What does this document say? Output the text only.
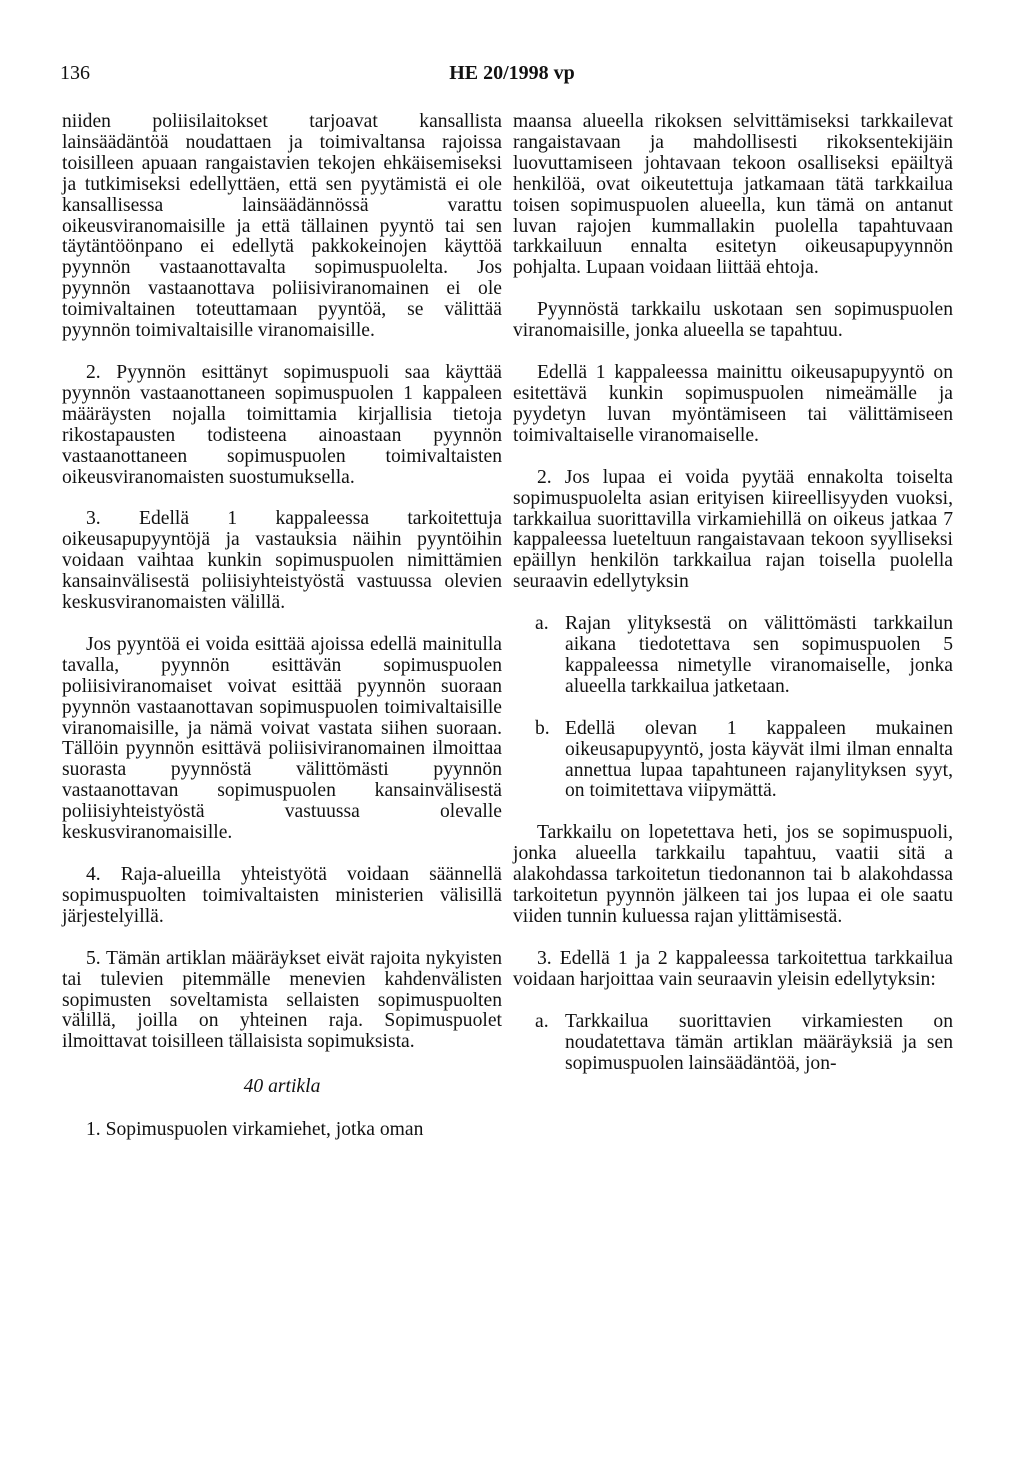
136	HE 20/1998 vp

niiden poliisilaitokset tarjoavat kansallista lainsäädäntöä noudattaen ja toimivaltansa rajoissa toisilleen apuaan rangaistavien tekojen ehkäisemiseksi ja tutkimiseksi edellyttäen, että sen pyytämistä ei ole kansallisessa lainsäädännössä varattu oikeusviranomaisille ja että tällainen pyyntö tai sen täytäntöönpano ei edellytä pakkokeinojen käyttöä pyynnön vastaanottavalta sopimuspuolelta. Jos pyynnön vastaanottava poliisiviranomainen ei ole toimivaltainen toteuttamaan pyyntöä, se välittää pyynnön toimivaltaisille viranomaisille.

2. Pyynnön esittänyt sopimuspuoli saa käyttää pyynnön vastaanottaneen sopimuspuolen 1 kappaleen määräysten nojalla toimittamia kirjallisia tietoja rikostapausten todisteena ainoastaan pyynnön vastaanottaneen sopimuspuolen toimivaltaisten oikeusviranomaisten suostumuksella.

3. Edellä 1 kappaleessa tarkoitettuja oikeusapupyyntöjä ja vastauksia näihin pyyntöihin voidaan vaihtaa kunkin sopimuspuolen nimittämien kansainvälisestä poliisiyhteistyöstä vastuussa olevien keskusviranomaisten välillä.

Jos pyyntöä ei voida esittää ajoissa edellä mainitulla tavalla, pyynnön esittävän sopimuspuolen poliisiviranomaiset voivat esittää pyynnön suoraan pyynnön vastaanottavan sopimuspuolen toimivaltaisille viranomaisille, ja nämä voivat vastata siihen suoraan. Tällöin pyynnön esittävä poliisiviranomainen ilmoittaa suorasta pyynnöstä välittömästi pyynnön vastaanottavan sopimuspuolen kansainvälisestä poliisiyhteistyöstä vastuussa olevalle keskusviranomaisille.

4. Raja-alueilla yhteistyötä voidaan säännellä sopimuspuolten toimivaltaisten ministerien välisillä järjestelyillä.

5. Tämän artiklan määräykset eivät rajoita nykyisten tai tulevien pitemmälle menevien kahdenvälisten sopimusten soveltamista sellaisten sopimuspuolten välillä, joilla on yhteinen raja. Sopimuspuolet ilmoittavat toisilleen tällaisista sopimuksista.

40 artikla

1. Sopimuspuolen virkamiehet, jotka oman

maansa alueella rikoksen selvittämiseksi tarkkailevat rangaistavaan ja mahdollisesti rikoksentekijäin luovuttamiseen johtavaan tekoon osalliseksi epäiltyä henkilöä, ovat oikeutettuja jatkamaan tätä tarkkailua toisen sopimuspuolen alueella, kun tämä on antanut luvan rajojen kummallakin puolella tapahtuvaan tarkkailuun ennalta esitetyn oikeusapupyynnön pohjalta. Lupaan voidaan liittää ehtoja.

Pyynnöstä tarkkailu uskotaan sen sopimuspuolen viranomaisille, jonka alueella se tapahtuu.

Edellä 1 kappaleessa mainittu oikeusapupyyntö on esitettävä kunkin sopimuspuolen nimeämälle ja pyydetyn luvan myöntämiseen tai välittämiseen toimivaltaiselle viranomaiselle.

2. Jos lupaa ei voida pyytää ennakolta toiselta sopimuspuolelta asian erityisen kiireellisyyden vuoksi, tarkkailua suorittavilla virkamiehillä on oikeus jatkaa 7 kappaleessa lueteltuun rangaistavaan tekoon syylliseksi epäillyn henkilön tarkkailua rajan toisella puolella seuraavin edellytyksin

a. Rajan ylityksestä on välittömästi tarkkailun aikana tiedotettava sen sopimuspuolen 5 kappaleessa nimetylle viranomaiselle, jonka alueella tarkkailua jatketaan.
b. Edellä olevan 1 kappaleen mukainen oikeusapupyyntö, josta käyvät ilmi ilman ennalta annettua lupaa tapahtuneen rajanylityksen syyt, on toimitettava viipymättä.

Tarkkailu on lopetettava heti, jos se sopimuspuoli, jonka alueella tarkkailu tapahtuu, vaatii sitä a alakohdassa tarkoitetun tiedonannon tai b alakohdassa tarkoitetun pyynnön jälkeen tai jos lupaa ei ole saatu viiden tunnin kuluessa rajan ylittämisestä.

3. Edellä 1 ja 2 kappaleessa tarkoitettua tarkkailua voidaan harjoittaa vain seuraavin yleisin edellytyksin:

a. Tarkkailua suorittavien virkamiesten on noudatettava tämän artiklan määräyksiä ja sen sopimuspuolen lainsäädäntöä, jon-
